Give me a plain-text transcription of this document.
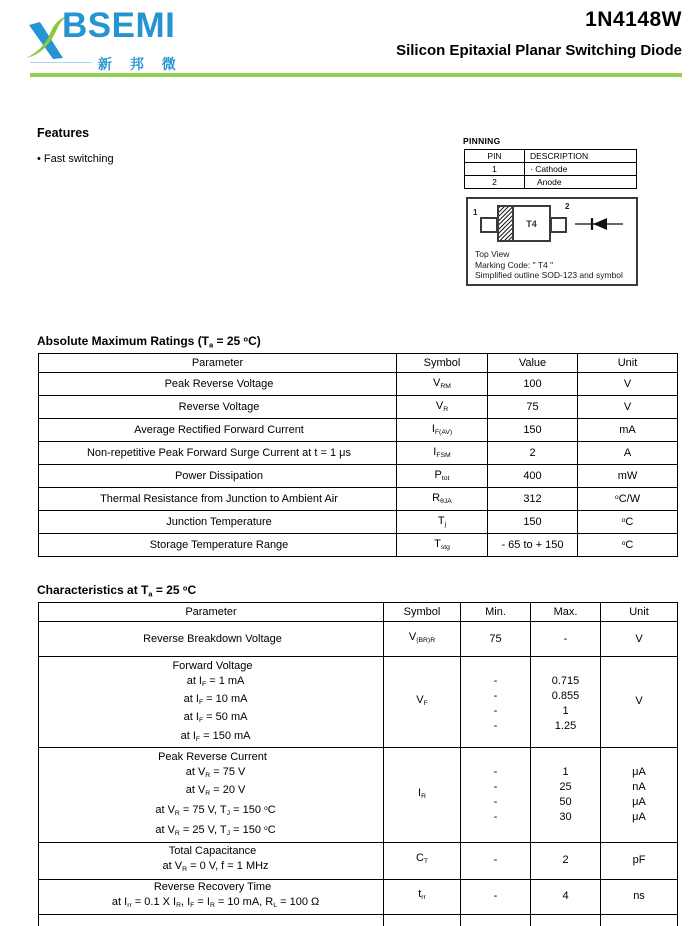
BSEMI
新 邦 微
1N4148W
Silicon Epitaxial Planar Switching Diode
Features
• Fast switching
PINNING
PIN	DESCRIPTION
1	· Cathode
2	Anode
1
2
T4
Top View
Marking Code: " T4 "
Simplified outline SOD-123 and symbol
Absolute Maximum Ratings ($T_a = 25$ $^o$C)
Parameter	Symbol	Value	Unit
Peak Reverse Voltage	$V_{RM}$	100	V
Reverse Voltage	$V_R$	75	V
Average Rectified Forward Current	$I_{F(AV)}$	150	mA
Non-repetitive Peak Forward Surge Current at t = 1 μs	$I_{FSM}$	2	A
Power Dissipation	$P_{tot}$	400	mW
Thermal Resistance from Junction to Ambient Air	$R_{\theta JA}$	312	$^o$C/W
Junction Temperature	$T_j$	150	$^o$C
Storage Temperature Range	$T_{stg}$	- 65 to + 150	$^o$C
Characteristics at $T_a = 25$ $^o$C
Parameter	Symbol	Min.	Max.	Unit
Reverse Breakdown Voltage	$V_{(BR)R}$	75	-	V
Forward Voltage
at $I_F = 1$ mA
at $I_F = 10$ mA
at $I_F = 50$ mA
at $I_F = 150$ mA	$V_F$	-
-
-
-	0.715
0.855
1
1.25	V
Peak Reverse Current
at $V_R = 75$ V
at $V_R = 20$ V
at $V_R = 75$ V, $T_J = 150$ $^o$C
at $V_R = 25$ V, $T_J = 150$ $^o$C	$I_R$	-
-
-
-	1
25
50
30	μA
nA
μA
μA
Total Capacitance
at $V_R = 0$ V, f = 1 MHz	$C_T$	-	2	pF
Reverse Recovery Time
at $I_{rr} = 0.1$ X $I_R$, $I_F = I_R = 10$ mA, $R_L = 100$ Ω	$t_{rr}$	-	4	ns
